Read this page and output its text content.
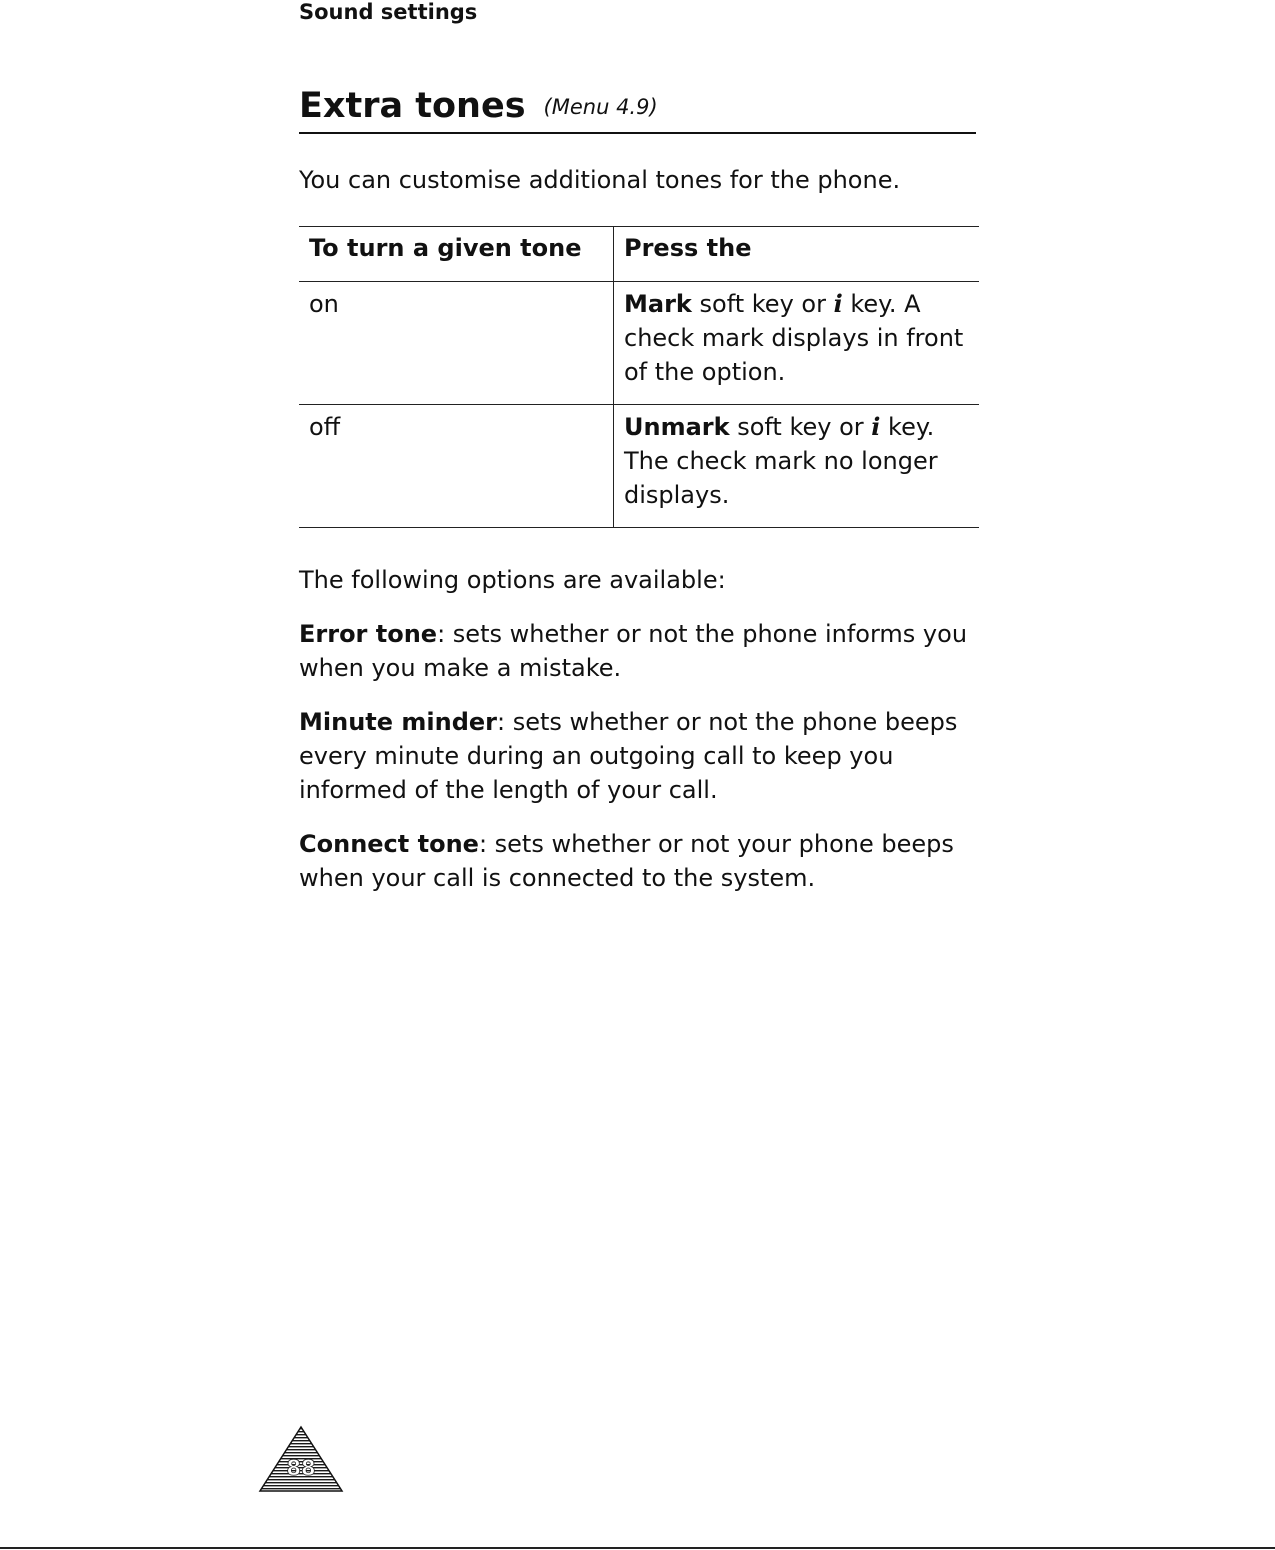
Sound settings
Extra tones (Menu 4.9)
You can customise additional tones for the phone.
To turn a given tone	Press the
on	Mark soft key or i key. A check mark displays in front of the option.
off	Unmark soft key or i key. The check mark no longer displays.

The following options are available:

Error tone: sets whether or not the phone informs you when you make a mistake.

Minute minder: sets whether or not the phone beeps every minute during an outgoing call to keep you informed of the length of your call.

Connect tone: sets whether or not your phone beeps when your call is connected to the system.

88
